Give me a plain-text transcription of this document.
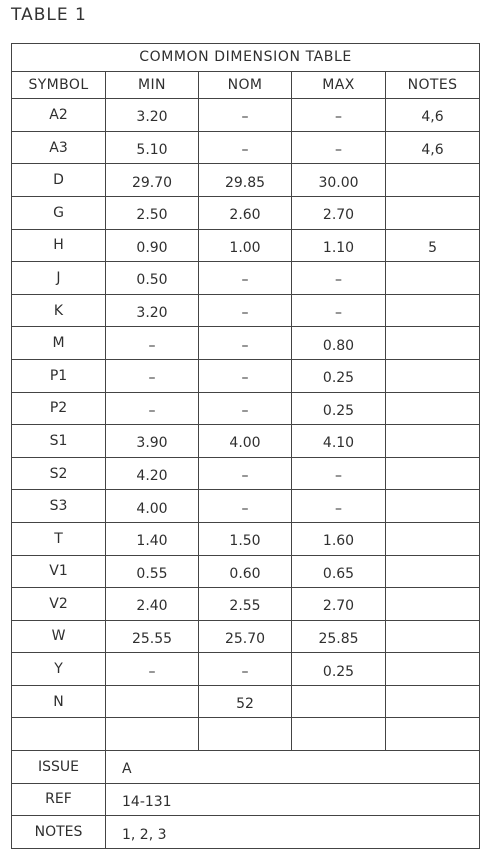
TABLE 1
COMMON DIMENSION TABLE				
SYMBOL	MIN	NOM	MAX	NOTES
A2	3.20	–	–	4,6
A3	5.10	–	–	4,6
D	29.70	29.85	30.00	
G	2.50	2.60	2.70	
H	0.90	1.00	1.10	5
J	0.50	–	–	
K	3.20	–	–	
M	–	–	0.80	
P1	–	–	0.25	
P2	–	–	0.25	
S1	3.90	4.00	4.10	
S2	4.20	–	–	
S3	4.00	–	–	
T	1.40	1.50	1.60	
V1	0.55	0.60	0.65	
V2	2.40	2.55	2.70	
W	25.55	25.70	25.85	
Y	–	–	0.25	
N		52		

ISSUE	A			
REF	14-131			
NOTES	1, 2, 3			
